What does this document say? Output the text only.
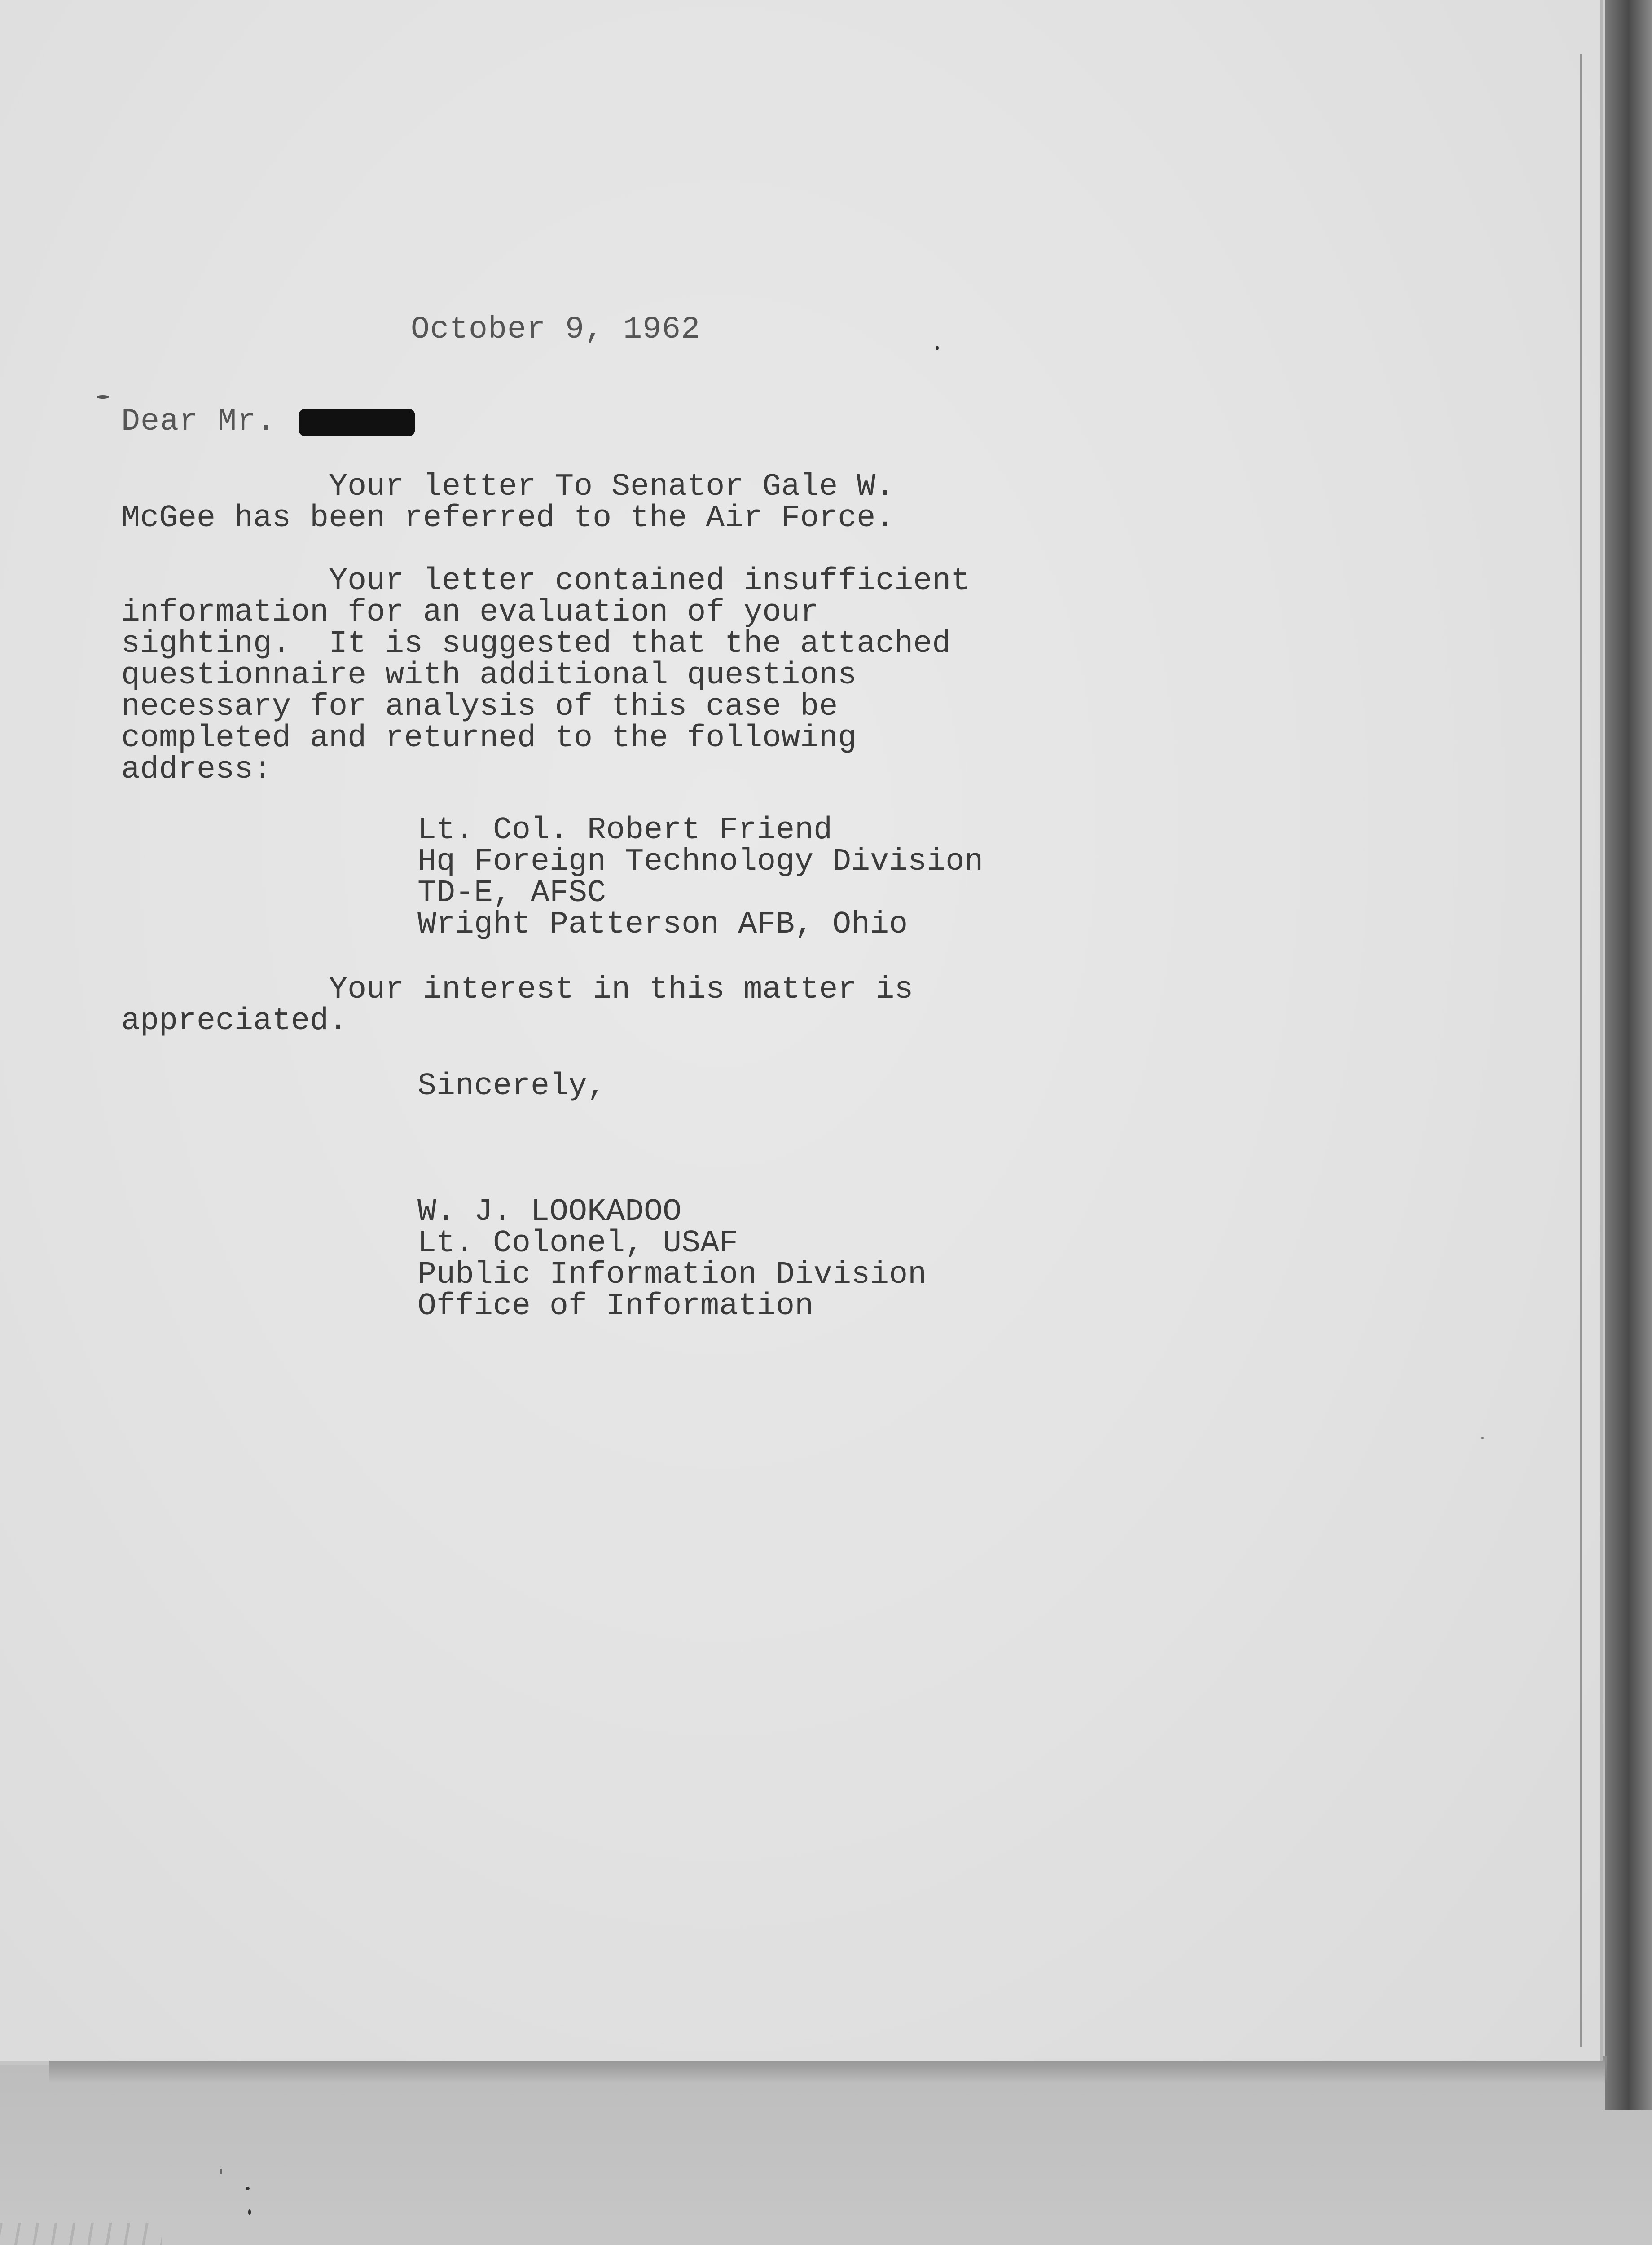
October 9, 1962
Dear Mr.
Your letter To Senator Gale W.
McGee has been referred to the Air Force.
Your letter contained insufficient
information for an evaluation of your
sighting.  It is suggested that the attached
questionnaire with additional questions
necessary for analysis of this case be
completed and returned to the following
address:
Lt. Col. Robert Friend
Hq Foreign Technology Division
TD-E, AFSC
Wright Patterson AFB, Ohio
Your interest in this matter is
appreciated.
Sincerely,
W. J. LOOKADOO
Lt. Colonel, USAF
Public Information Division
Office of Information
